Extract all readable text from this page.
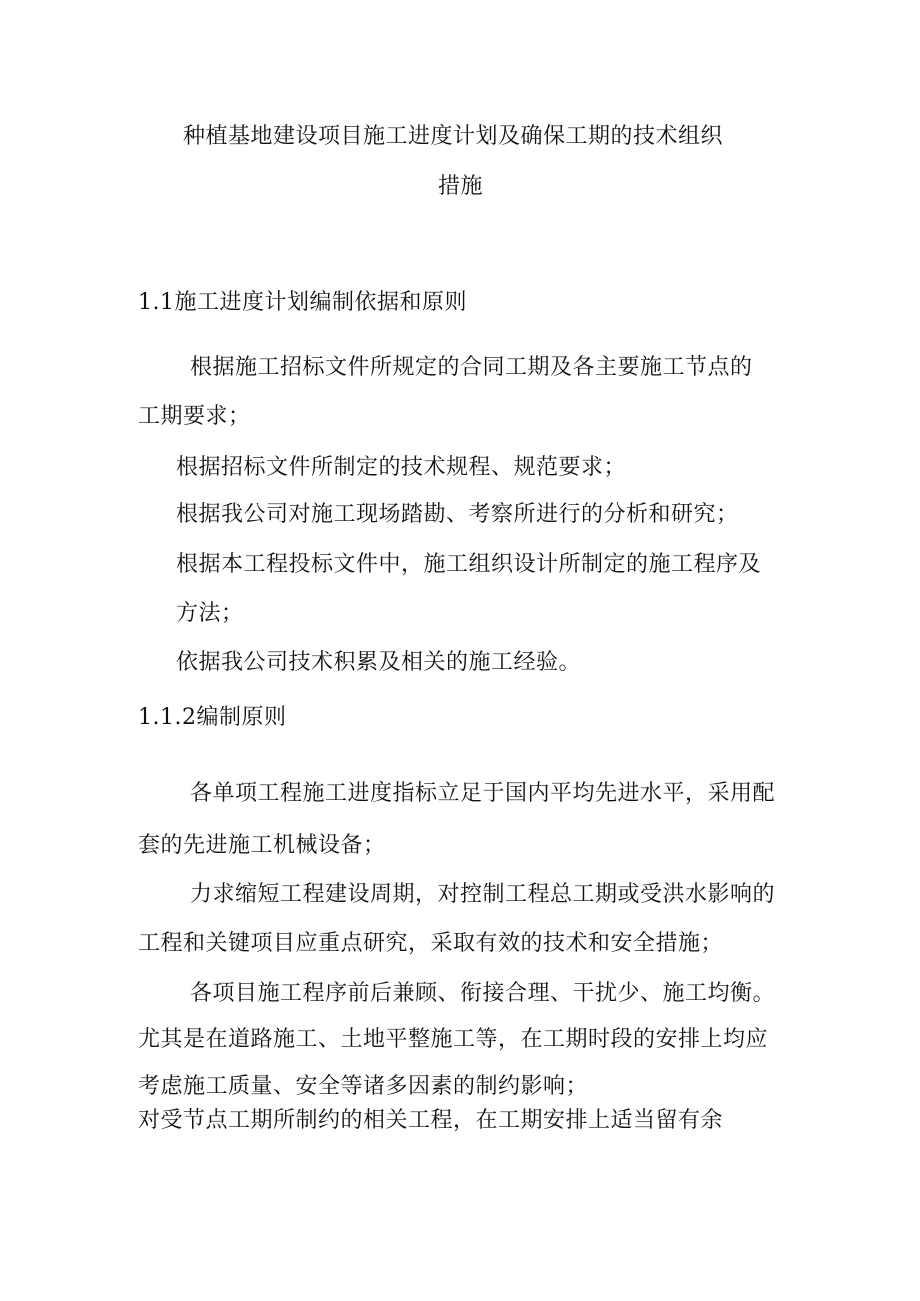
种植基地建设项目施工进度计划及确保工期的技术组织
措施
1.1施工进度计划编制依据和原则
根据施工招标文件所规定的合同工期及各主要施工节点的
工期要求；
根据招标文件所制定的技术规程、规范要求；
根据我公司对施工现场踏勘、考察所进行的分析和研究；
根据本工程投标文件中，施工组织设计所制定的施工程序及
方法；
依据我公司技术积累及相关的施工经验。
1.1.2编制原则
各单项工程施工进度指标立足于国内平均先进水平，采用配
套的先进施工机械设备；
力求缩短工程建设周期，对控制工程总工期或受洪水影响的
工程和关键项目应重点研究，采取有效的技术和安全措施；
各项目施工程序前后兼顾、衔接合理、干扰少、施工均衡。
尤其是在道路施工、土地平整施工等，在工期时段的安排上均应
考虑施工质量、安全等诸多因素的制约影响；
对受节点工期所制约的相关工程，在工期安排上适当留有余
